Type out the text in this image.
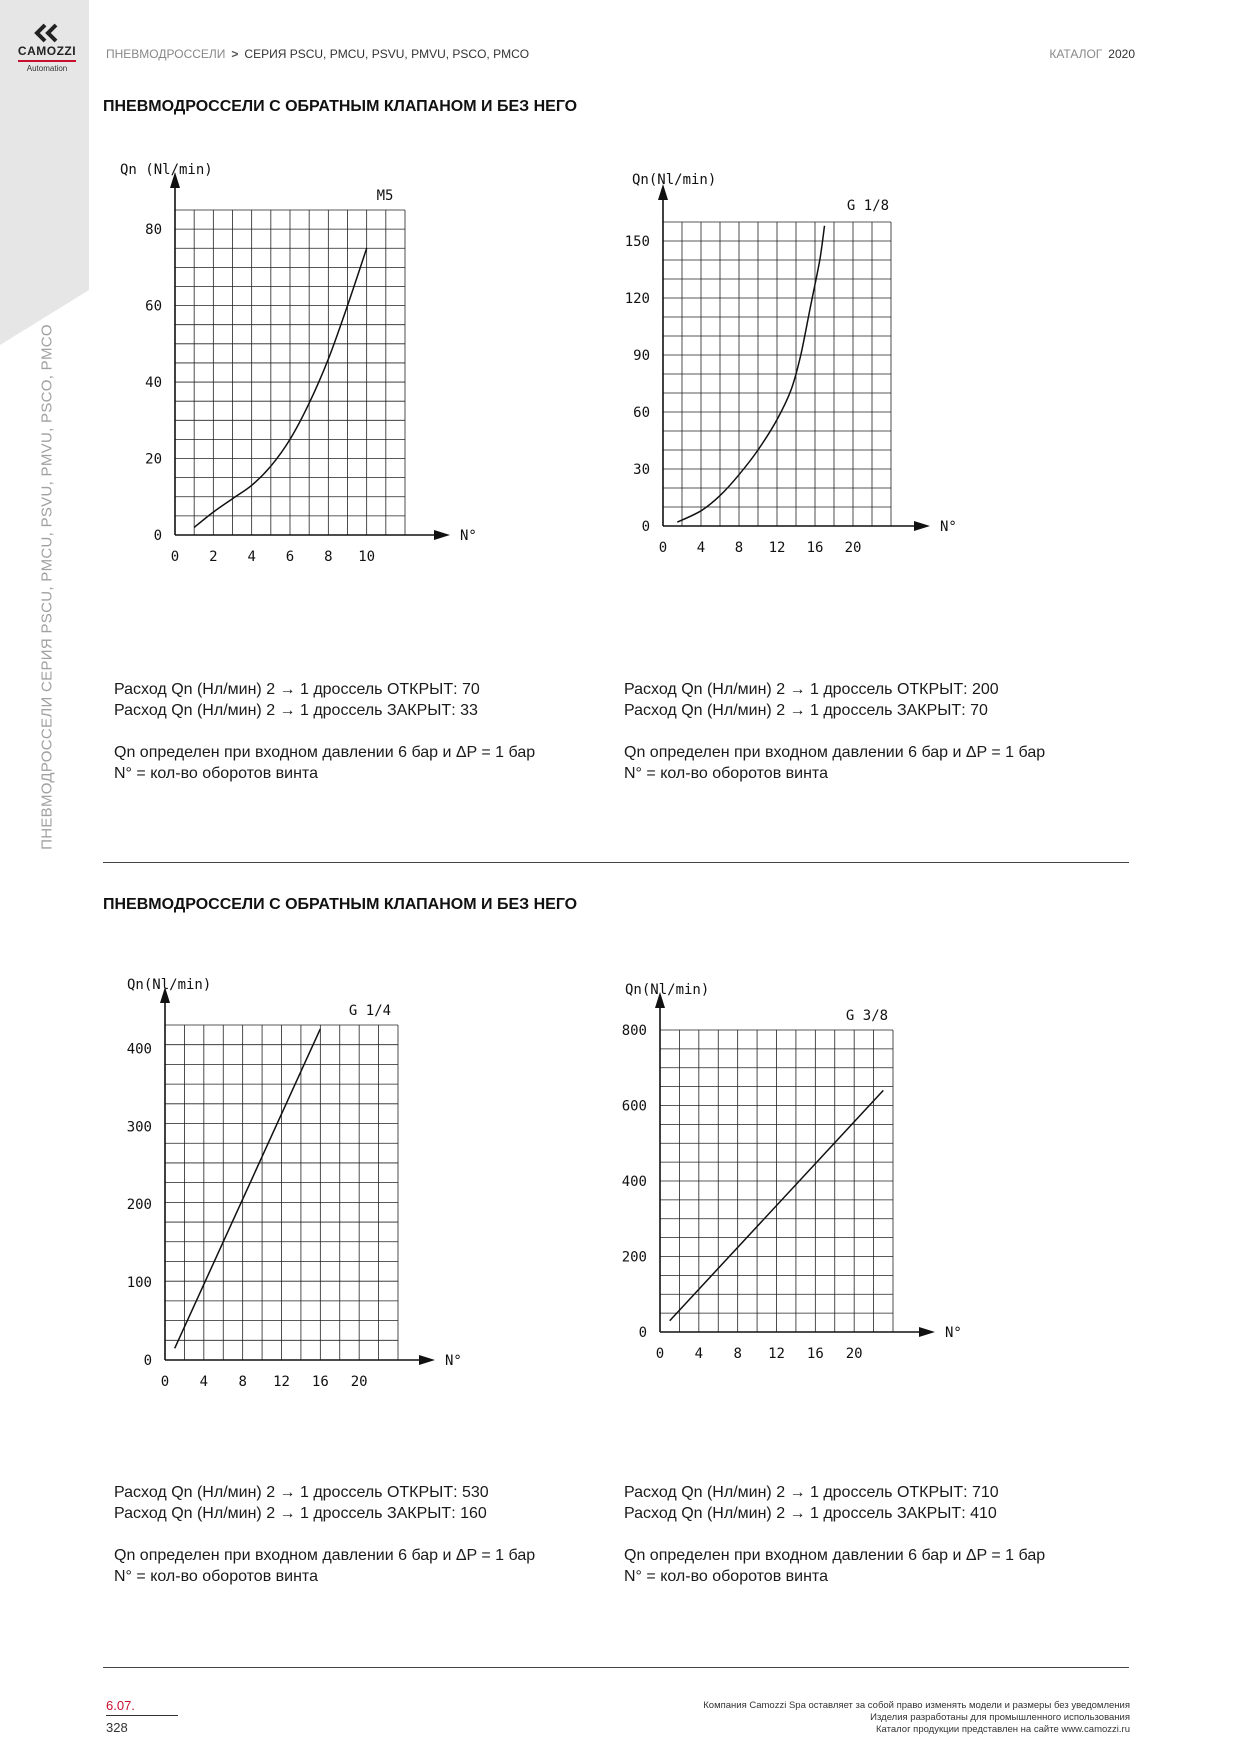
CAMOZZI
Automation
ПНЕВМОДРОССЕЛИ СЕРИЯ PSCU, PMCU, PSVU, PMVU, PSCO, PMCO
ПНЕВМОДРОССЕЛИ > СЕРИЯ PSCU, PMCU, PSVU, PMVU, PSCO, PMCO	КАТАЛОГ 2020
ПНЕВМОДРОССЕЛИ С ОБРАТНЫМ КЛАПАНОМ И БЕЗ НЕГО
Qn (Nl/min)
N°
M5
0 2 4 6 8 10
0
20
40
60
80
Qn(Nl/min)
N°
G 1/8
0 4 8 12 16 20
0
30
60
90
120
150

Расход Qn (Нл/мин) 2 → 1 дроссель ОТКРЫТ: 70

Расход Qn (Нл/мин) 2 → 1 дроссель ЗАКРЫТ: 33

Qn определен при входном давлении 6 бар и ΔP = 1 бар

N° = кол-во оборотов винта

Расход Qn (Нл/мин) 2 → 1 дроссель ОТКРЫТ: 200

Расход Qn (Нл/мин) 2 → 1 дроссель ЗАКРЫТ: 70

Qn определен при входном давлении 6 бар и ΔP = 1 бар

N° = кол-во оборотов винта

ПНЕВМОДРОССЕЛИ С ОБРАТНЫМ КЛАПАНОМ И БЕЗ НЕГО
Qn(Nl/min)
N°
G 1/4
0 4 8 12 16 20
0
100
200
300
400
Qn(Nl/min)
N°
G 3/8
0 4 8 12 16 20
0
200
400
600
800

Расход Qn (Нл/мин) 2 → 1 дроссель ОТКРЫТ: 530

Расход Qn (Нл/мин) 2 → 1 дроссель ЗАКРЫТ: 160

Qn определен при входном давлении 6 бар и ΔP = 1 бар

N° = кол-во оборотов винта

Расход Qn (Нл/мин) 2 → 1 дроссель ОТКРЫТ: 710

Расход Qn (Нл/мин) 2 → 1 дроссель ЗАКРЫТ: 410

Qn определен при входном давлении 6 бар и ΔP = 1 бар

N° = кол-во оборотов винта

6.07.
328

Компания Camozzi Spa оставляет за собой право изменять модели и размеры без уведомления

Изделия разработаны для промышленного использования

Каталог продукции представлен на сайте www.camozzi.ru
